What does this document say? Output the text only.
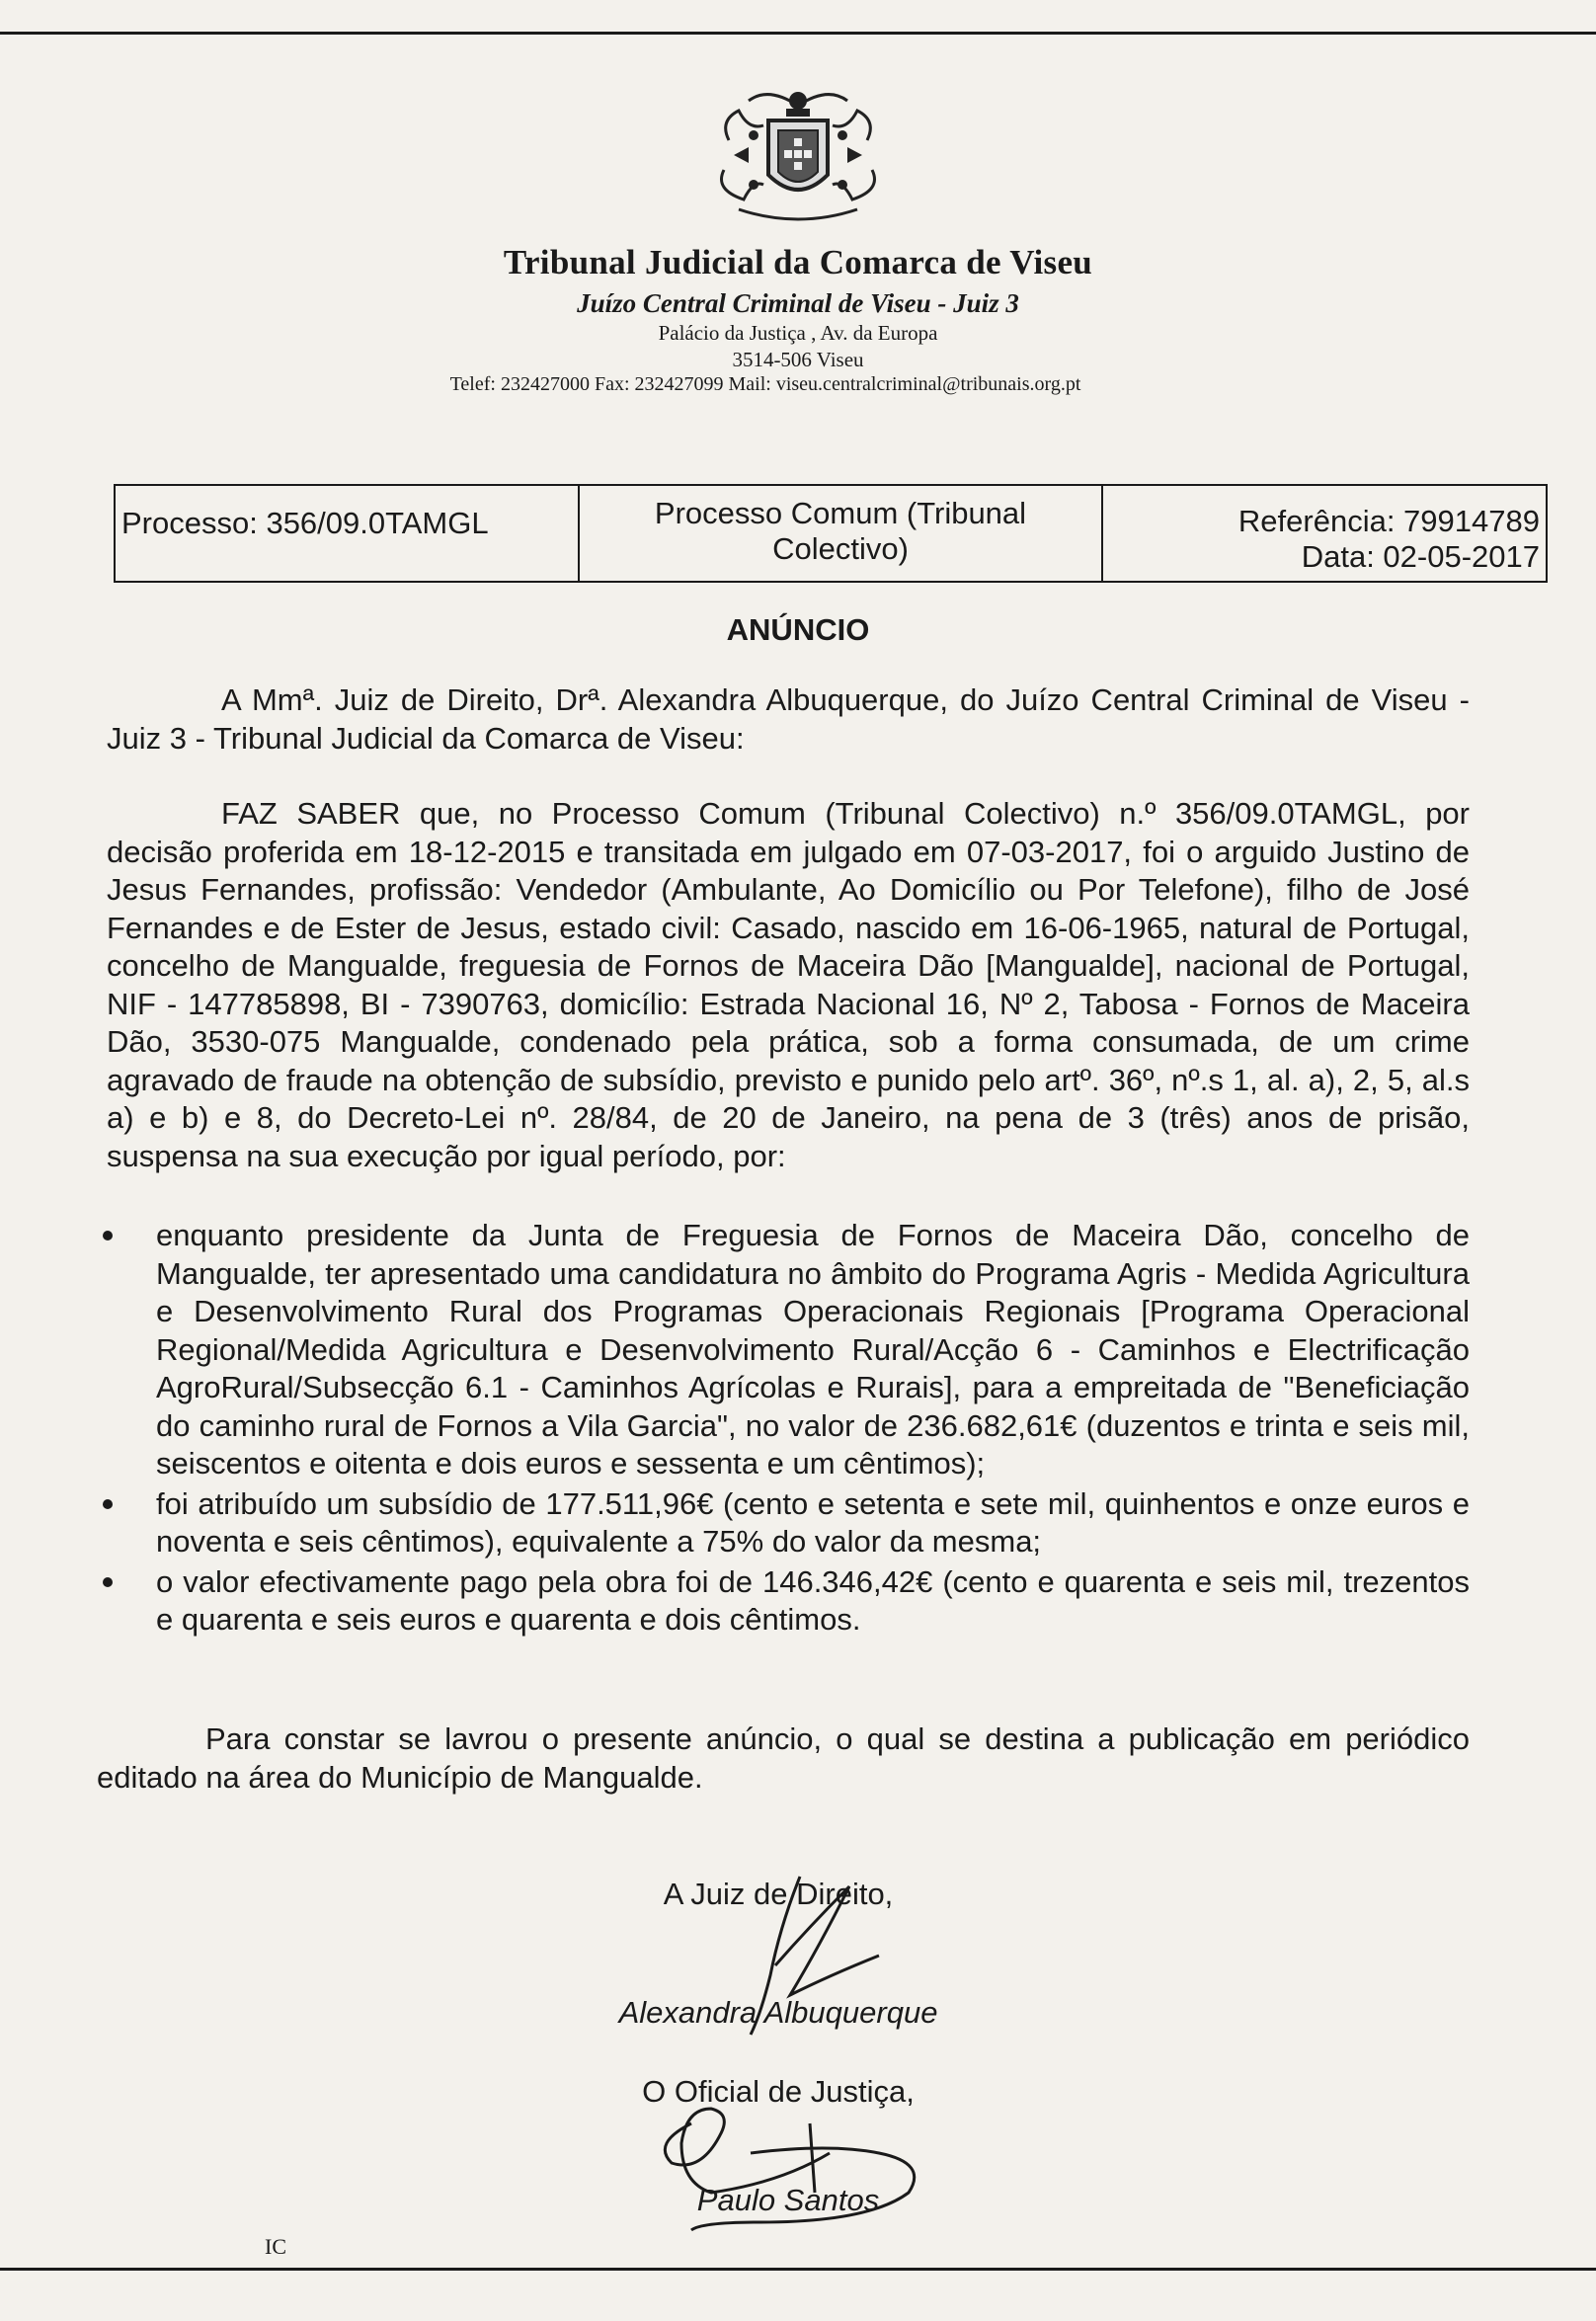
Tribunal Judicial da Comarca de Viseu
Juízo Central Criminal de Viseu - Juiz 3
Palácio da Justiça , Av. da Europa
3514-506 Viseu
Telef: 232427000 Fax: 232427099 Mail: viseu.centralcriminal@tribunais.org.pt
Processo: 356/09.0TAMGL	Processo Comum (Tribunal
Colectivo)
Referência: 79914789
Data: 02-05-2017
ANÚNCIO
A Mmª. Juiz de Direito, Drª. Alexandra Albuquerque, do Juízo Central Criminal de Viseu - Juiz 3 - Tribunal Judicial da Comarca de Viseu:
FAZ SABER que, no Processo Comum (Tribunal Colectivo) n.º 356/09.0TAMGL, por decisão proferida em 18-12-2015 e transitada em julgado em 07-03-2017, foi o arguido Justino de Jesus Fernandes, profissão: Vendedor (Ambulante, Ao Domicílio ou Por Telefone), filho de José Fernandes e de Ester de Jesus, estado civil: Casado, nascido em 16-06-1965, natural de Portugal, concelho de Mangualde, freguesia de Fornos de Maceira Dão [Mangualde], nacional de Portugal, NIF - 147785898, BI - 7390763, domicílio: Estrada Nacional 16, Nº 2, Tabosa - Fornos de Maceira Dão, 3530-075 Mangualde, condenado pela prática, sob a forma consumada, de um crime agravado de fraude na obtenção de subsídio, previsto e punido pelo artº. 36º, nº.s 1, al. a), 2, 5, al.s a) e b) e 8, do Decreto-Lei nº. 28/84, de 20 de Janeiro, na pena de 3 (três) anos de prisão, suspensa na sua execução por igual período, por:
enquanto presidente da Junta de Freguesia de Fornos de Maceira Dão, concelho de Mangualde, ter apresentado uma candidatura no âmbito do Programa Agris - Medida Agricultura e Desenvolvimento Rural dos Programas Operacionais Regionais [Programa Operacional Regional/Medida Agricultura e Desenvolvimento Rural/Acção 6 - Caminhos e Electrificação AgroRural/Subsecção 6.1 - Caminhos Agrícolas e Rurais], para a empreitada de "Beneficiação do caminho rural de Fornos a Vila Garcia", no valor de 236.682,61€ (duzentos e trinta e seis mil, seiscentos e oitenta e dois euros e sessenta e um cêntimos);
foi atribuído um subsídio de 177.511,96€ (cento e setenta e sete mil, quinhentos e onze euros e noventa e seis cêntimos), equivalente a 75% do valor da mesma;
o valor efectivamente pago pela obra foi de 146.346,42€ (cento e quarenta e seis mil, trezentos e quarenta e seis euros e quarenta e dois cêntimos.
Para constar se lavrou o presente anúncio, o qual se destina a publicação em periódico editado na área do Município de Mangualde.
A Juiz de Direito,
Alexandra Albuquerque
O Oficial de Justiça,
Paulo Santos
IC
